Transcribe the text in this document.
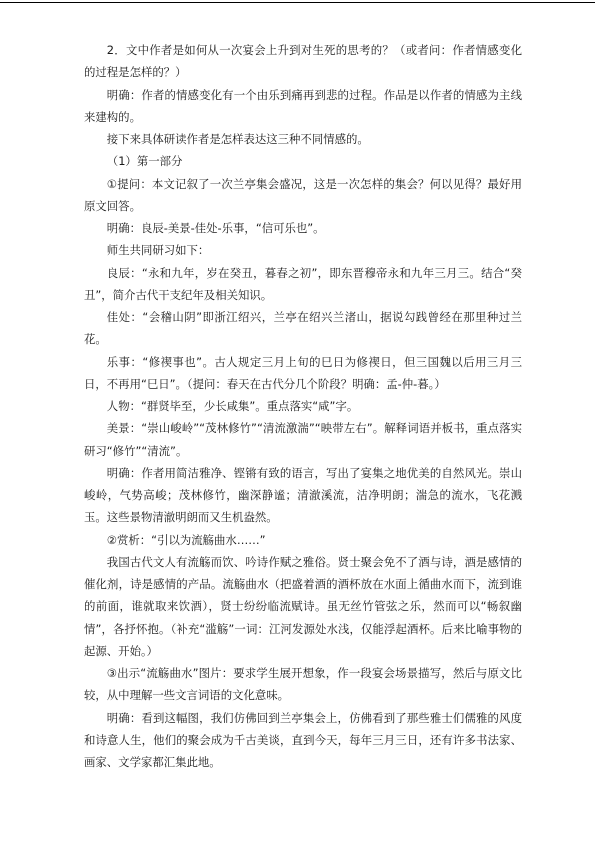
2．文中作者是如何从一次宴会上升到对生死的思考的？（或者问：作者情感变化的过程是怎样的？）

明确：作者的情感变化有一个由乐到痛再到悲的过程。作品是以作者的情感为主线来建构的。

接下来具体研读作者是怎样表达这三种不同情感的。

（1）第一部分

①提问：本文记叙了一次兰亭集会盛况，这是一次怎样的集会？何以见得？最好用原文回答。

明确：良辰-美景-佳处-乐事，“信可乐也”。

师生共同研习如下：

良辰：“永和九年，岁在癸丑，暮春之初”，即东晋穆帝永和九年三月三。结合“癸丑”，简介古代干支纪年及相关知识。

佳处：“会稽山阴”即浙江绍兴，兰亭在绍兴兰渚山，据说勾践曾经在那里种过兰花。

乐事：“修禊事也”。古人规定三月上旬的巳日为修禊日，但三国魏以后用三月三日，不再用“巳日”。（提问：春天在古代分几个阶段？明确：孟-仲-暮。）

人物：“群贤毕至，少长咸集”。重点落实“咸”字。

美景：“崇山峻岭”“茂林修竹”“清流激湍”“映带左右”。解释词语并板书，重点落实研习“修竹”“清流”。

明确：作者用简洁雅净、铿锵有致的语言，写出了宴集之地优美的自然风光。崇山峻岭，气势高峻；茂林修竹，幽深静谧；清澈溪流，洁净明朗；湍急的流水，飞花溅玉。这些景物清澈明朗而又生机盎然。

②赏析：“引以为流觞曲水……”

我国古代文人有流觞而饮、吟诗作赋之雅俗。贤士聚会免不了酒与诗，酒是感情的催化剂，诗是感情的产品。流觞曲水（把盛着酒的酒杯放在水面上循曲水而下，流到谁的前面，谁就取来饮酒），贤士纷纷临流赋诗。虽无丝竹管弦之乐，然而可以“畅叙幽情”，各抒怀抱。（补充“滥觞”一词：江河发源处水浅，仅能浮起酒杯。后来比喻事物的起源、开始。）

③出示“流觞曲水”图片：要求学生展开想象，作一段宴会场景描写，然后与原文比较，从中理解一些文言词语的文化意味。

明确：看到这幅图，我们仿佛回到兰亭集会上，仿佛看到了那些雅士们儒雅的风度和诗意人生，他们的聚会成为千古美谈，直到今天，每年三月三日，还有许多书法家、画家、文学家都汇集此地。
